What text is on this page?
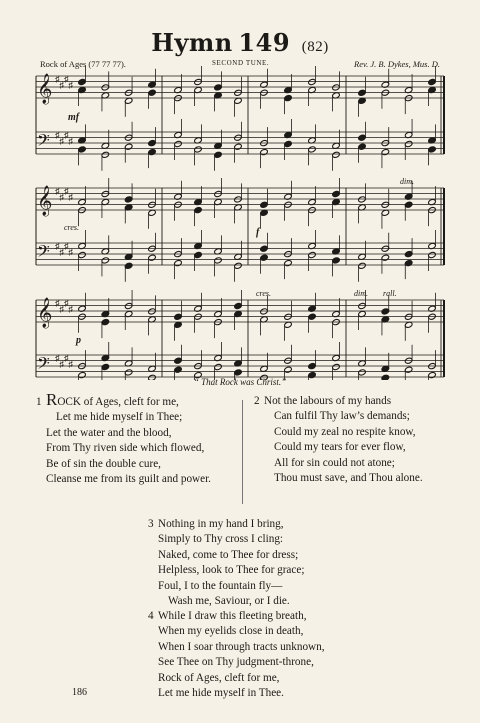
Hymn 149 (82)
Rock of Ages (77 77 77).	SECOND TUNE.	Rev. J. B. Dykes, Mus. D.
𝄞 ♯
♯
♯
♯
𝄢 ♯
♯
♯
♯
𝄞 ♯
♯
♯
♯
𝄢 ♯
♯
♯
♯
𝄞 ♯
♯
♯
♯
𝄢 ♯
♯
♯
♯
mf
cres.
dim.
f
p
cres.	dim. rall.
“ That Rock was Christ.”
1 ROCK of Ages, cleft for me,
Let me hide myself in Thee;
Let the water and the blood,
From Thy riven side which flowed,
Be of sin the double cure,
Cleanse me from its guilt and power.
2 Not the labours of my hands
Can fulfil Thy law’s demands;
Could my zeal no respite know,
Could my tears for ever flow,
All for sin could not atone;
Thou must save, and Thou alone.
3 Nothing in my hand I bring,
Simply to Thy cross I cling:
Naked, come to Thee for dress;
Helpless, look to Thee for grace;
Foul, I to the fountain fly—
Wash me, Saviour, or I die.
4 While I draw this fleeting breath,
When my eyelids close in death,
When I soar through tracts unknown,
See Thee on Thy judgment-throne,
Rock of Ages, cleft for me,
Let me hide myself in Thee.
186
